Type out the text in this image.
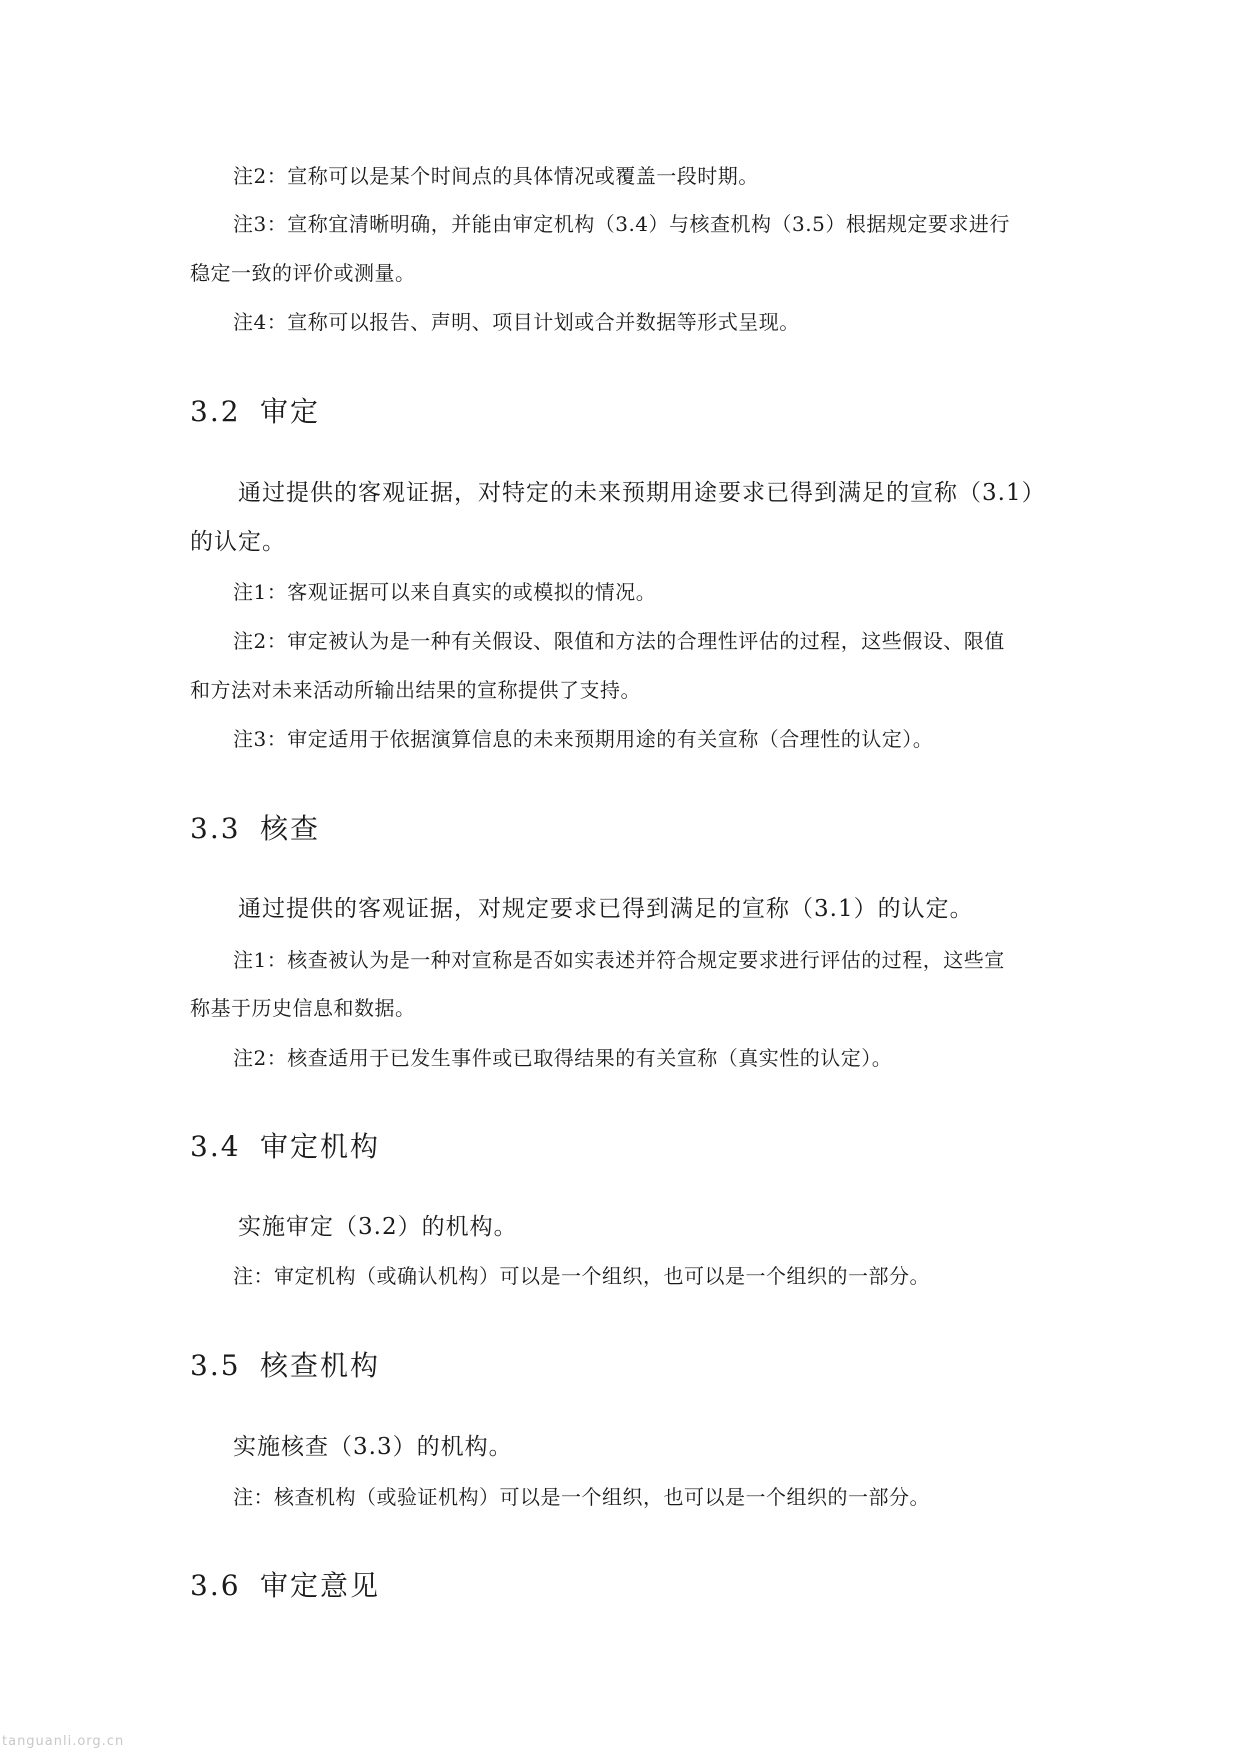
注2：宣称可以是某个时间点的具体情况或覆盖一段时期。
注3：宣称宜清晰明确，并能由审定机构（3.4）与核查机构（3.5）根据规定要求进行
稳定一致的评价或测量。
注4：宣称可以报告、声明、项目计划或合并数据等形式呈现。
3.2 审定
通过提供的客观证据，对特定的未来预期用途要求已得到满足的宣称（3.1）
的认定。
注1：客观证据可以来自真实的或模拟的情况。
注2：审定被认为是一种有关假设、限值和方法的合理性评估的过程，这些假设、限值
和方法对未来活动所输出结果的宣称提供了支持。
注3：审定适用于依据演算信息的未来预期用途的有关宣称（合理性的认定）。
3.3 核查
通过提供的客观证据，对规定要求已得到满足的宣称（3.1）的认定。
注1：核查被认为是一种对宣称是否如实表述并符合规定要求进行评估的过程，这些宣
称基于历史信息和数据。
注2：核查适用于已发生事件或已取得结果的有关宣称（真实性的认定）。
3.4 审定机构
实施审定（3.2）的机构。
注：审定机构（或确认机构）可以是一个组织，也可以是一个组织的一部分。
3.5 核查机构
实施核查（3.3）的机构。
注：核查机构（或验证机构）可以是一个组织，也可以是一个组织的一部分。
3.6 审定意见
tanguanli.org.cn
